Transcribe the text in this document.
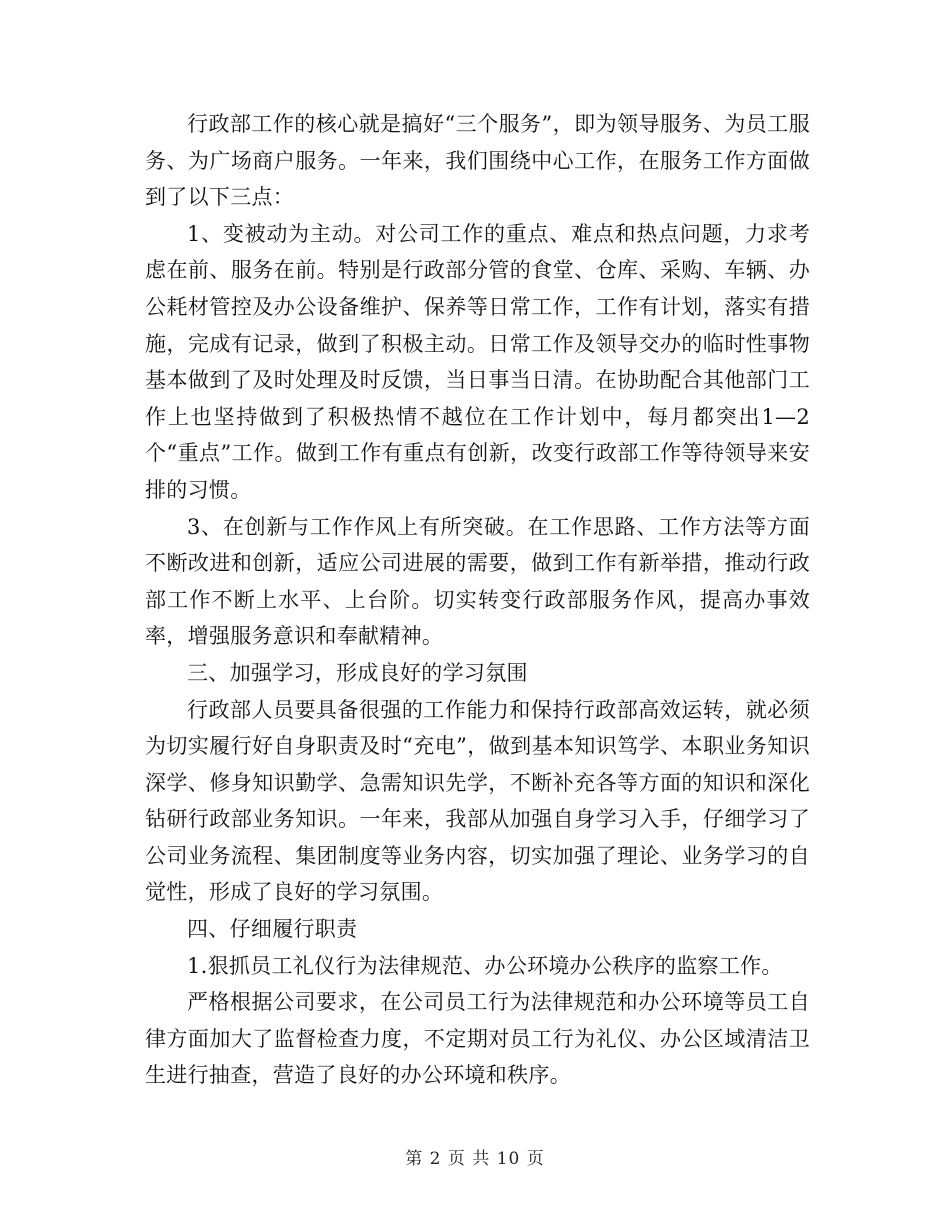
行政部工作的核心就是搞好“三个服务”，即为领导服务、为员工服务、为广场商户服务。一年来，我们围绕中心工作，在服务工作方面做到了以下三点：

1、变被动为主动。对公司工作的重点、难点和热点问题，力求考虑在前、服务在前。特别是行政部分管的食堂、仓库、采购、车辆、办公耗材管控及办公设备维护、保养等日常工作，工作有计划，落实有措施，完成有记录，做到了积极主动。日常工作及领导交办的临时性事物基本做到了及时处理及时反馈，当日事当日清。在协助配合其他部门工作上也坚持做到了积极热情不越位在工作计划中，每月都突出1—2个“重点”工作。做到工作有重点有创新，改变行政部工作等待领导来安排的习惯。

3、在创新与工作作风上有所突破。在工作思路、工作方法等方面不断改进和创新，适应公司进展的需要，做到工作有新举措，推动行政部工作不断上水平、上台阶。切实转变行政部服务作风，提高办事效率，增强服务意识和奉献精神。

三、加强学习，形成良好的学习氛围

行政部人员要具备很强的工作能力和保持行政部高效运转，就必须为切实履行好自身职责及时“充电”，做到基本知识笃学、本职业务知识深学、修身知识勤学、急需知识先学，不断补充各等方面的知识和深化钻研行政部业务知识。一年来，我部从加强自身学习入手，仔细学习了公司业务流程、集团制度等业务内容，切实加强了理论、业务学习的自觉性，形成了良好的学习氛围。

四、仔细履行职责

1.狠抓员工礼仪行为法律规范、办公环境办公秩序的监察工作。

严格根据公司要求，在公司员工行为法律规范和办公环境等员工自律方面加大了监督检查力度，不定期对员工行为礼仪、办公区域清洁卫生进行抽查，营造了良好的办公环境和秩序。

第 2 页 共 10 页
